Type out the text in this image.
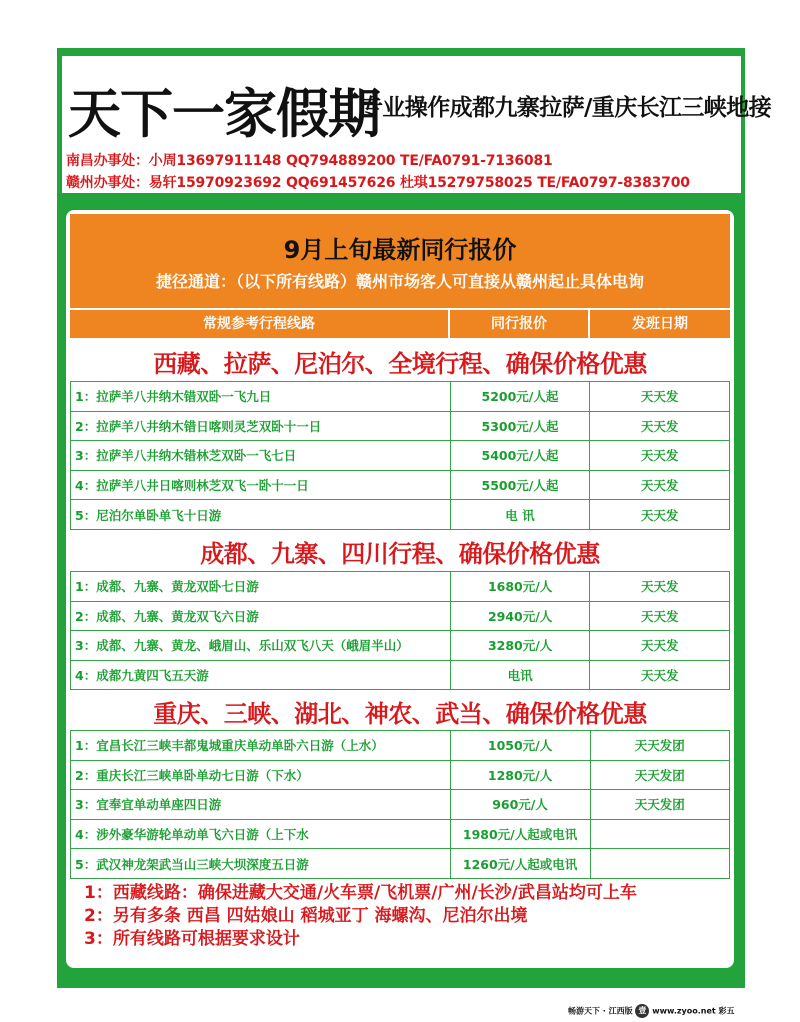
天下一家假期
专业操作成都九寨拉萨/重庆长江三峡地接
南昌办事处：小周13697911148 QQ794889200 TE/FA0791-7136081
赣州办事处：易轩15970923692 QQ691457626 杜琪15279758025 TE/FA0797-8383700
9月上旬最新同行报价
捷径通道：（以下所有线路）赣州市场客人可直接从赣州起止具体电询
常规参考行程线路	同行报价	发班日期
西藏、拉萨、尼泊尔、全境行程、确保价格优惠
1：拉萨羊八井纳木错双卧一飞九日	5200元/人起	天天发
2：拉萨羊八井纳木错日喀则灵芝双卧十一日	5300元/人起	天天发
3：拉萨羊八井纳木错林芝双卧一飞七日	5400元/人起	天天发
4：拉萨羊八井日喀则林芝双飞一卧十一日	5500元/人起	天天发
5：尼泊尔单卧单飞十日游	电 讯	天天发
成都、九寨、四川行程、确保价格优惠
1：成都、九寨、黄龙双卧七日游	1680元/人	天天发
2：成都、九寨、黄龙双飞六日游	2940元/人	天天发
3：成都、九寨、黄龙、峨眉山、乐山双飞八天（峨眉半山）	3280元/人	天天发
4：成都九黄四飞五天游	电讯	天天发
重庆、三峡、湖北、神农、武当、确保价格优惠
1：宜昌长江三峡丰都鬼城重庆单动单卧六日游（上水）	1050元/人	天天发团
2：重庆长江三峡单卧单动七日游（下水）	1280元/人	天天发团
3：宜奉宜单动单座四日游	960元/人	天天发团
4：涉外豪华游轮单动单飞六日游（上下水	1980元/人起或电讯	
5：武汉神龙架武当山三峡大坝深度五日游	1260元/人起或电讯	
1：西藏线路：确保进藏大交通/火车票/飞机票/广州/长沙/武昌站均可上车
2：另有多条 西昌 四姑娘山 稻城亚丁 海螺沟、尼泊尔出境
3：所有线路可根据要求设计
畅游天下 · 江西版 壹 www.zyoo.net 彩五
